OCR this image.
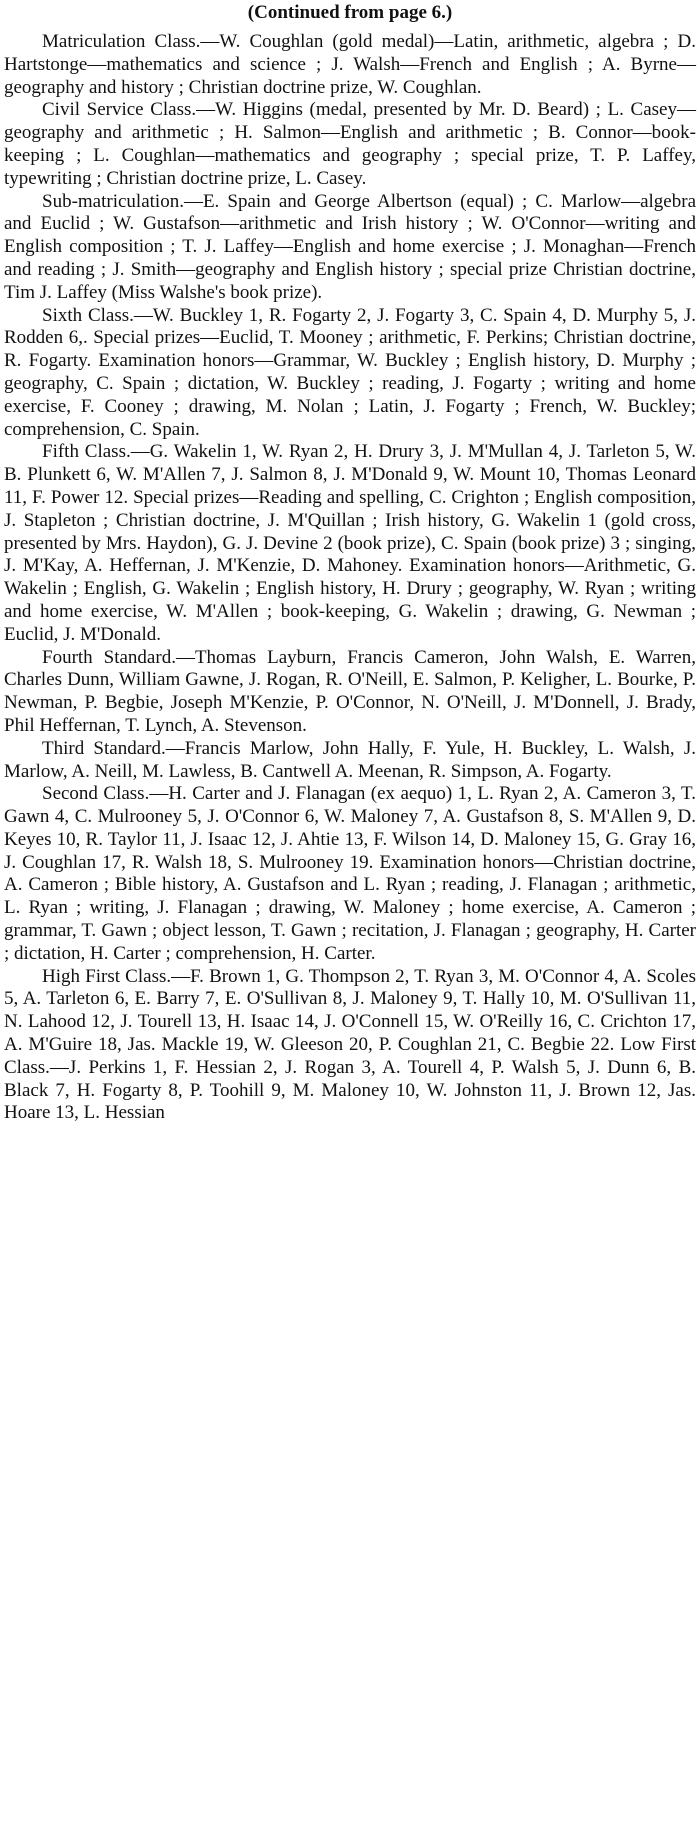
(Continued from page 6.)

Matriculation Class.—W. Coughlan (gold medal)—Latin, arithmetic, algebra ; D. Hartstonge—mathematics and science ; J. Walsh—French and English ; A. Byrne—geography and history ; Christian doctrine prize, W. Coughlan.

Civil Service Class.—W. Higgins (medal, presented by Mr. D. Beard) ; L. Casey—geography and arithmetic ; H. Salmon—English and arithmetic ; B. Connor—book-keeping ; L. Coughlan—mathematics and geography ; special prize, T. P. Laffey, typewriting ; Christian doctrine prize, L. Casey.

Sub-matriculation.—E. Spain and George Albertson (equal) ; C. Marlow—algebra and Euclid ; W. Gustafson—arithmetic and Irish history ; W. O'Connor—writing and English composition ; T. J. Laffey—English and home exercise ; J. Monaghan—French and reading ; J. Smith—geography and English history ; special prize Christian doctrine, Tim J. Laffey (Miss Walshe's book prize).

Sixth Class.—W. Buckley 1, R. Fogarty 2, J. Fogarty 3, C. Spain 4, D. Murphy 5, J. Rodden 6,. Special prizes—Euclid, T. Mooney ; arithmetic, F. Perkins; Christian doctrine, R. Fogarty. Examination honors—Grammar, W. Buckley ; English history, D. Murphy ; geography, C. Spain ; dictation, W. Buckley ; reading, J. Fogarty ; writing and home exercise, F. Cooney ; drawing, M. Nolan ; Latin, J. Fogarty ; French, W. Buckley; comprehension, C. Spain.

Fifth Class.—G. Wakelin 1, W. Ryan 2, H. Drury 3, J. M'Mullan 4, J. Tarleton 5, W. B. Plunkett 6, W. M'Allen 7, J. Salmon 8, J. M'Donald 9, W. Mount 10, Thomas Leonard 11, F. Power 12. Special prizes—Reading and spelling, C. Crighton ; English composition, J. Stapleton ; Christian doctrine, J. M'Quillan ; Irish history, G. Wakelin 1 (gold cross, presented by Mrs. Haydon), G. J. Devine 2 (book prize), C. Spain (book prize) 3 ; singing, J. M'Kay, A. Heffernan, J. M'Kenzie, D. Mahoney. Examination honors—Arithmetic, G. Wakelin ; English, G. Wakelin ; English history, H. Drury ; geography, W. Ryan ; writing and home exercise, W. M'Allen ; book-keeping, G. Wakelin ; drawing, G. Newman ; Euclid, J. M'Donald.

Fourth Standard.—Thomas Layburn, Francis Cameron, John Walsh, E. Warren, Charles Dunn, William Gawne, J. Rogan, R. O'Neill, E. Salmon, P. Keligher, L. Bourke, P. Newman, P. Begbie, Joseph M'Kenzie, P. O'Connor, N. O'Neill, J. M'Donnell, J. Brady, Phil Heffernan, T. Lynch, A. Stevenson.

Third Standard.—Francis Marlow, John Hally, F. Yule, H. Buckley, L. Walsh, J. Marlow, A. Neill, M. Lawless, B. Cantwell A. Meenan, R. Simpson, A. Fogarty.

Second Class.—H. Carter and J. Flanagan (ex aequo) 1, L. Ryan 2, A. Cameron 3, T. Gawn 4, C. Mulrooney 5, J. O'Connor 6, W. Maloney 7, A. Gustafson 8, S. M'Allen 9, D. Keyes 10, R. Taylor 11, J. Isaac 12, J. Ahtie 13, F. Wilson 14, D. Maloney 15, G. Gray 16, J. Coughlan 17, R. Walsh 18, S. Mulrooney 19. Examination honors—Christian doctrine, A. Cameron ; Bible history, A. Gustafson and L. Ryan ; reading, J. Flanagan ; arithmetic, L. Ryan ; writing, J. Flanagan ; drawing, W. Maloney ; home exercise, A. Cameron ; grammar, T. Gawn ; object lesson, T. Gawn ; recitation, J. Flanagan ; geography, H. Carter ; dictation, H. Carter ; comprehension, H. Carter.

High First Class.—F. Brown 1, G. Thompson 2, T. Ryan 3, M. O'Connor 4, A. Scoles 5, A. Tarleton 6, E. Barry 7, E. O'Sullivan 8, J. Maloney 9, T. Hally 10, M. O'Sullivan 11, N. Lahood 12, J. Tourell 13, H. Isaac 14, J. O'Connell 15, W. O'Reilly 16, C. Crichton 17, A. M'Guire 18, Jas. Mackle 19, W. Gleeson 20, P. Coughlan 21, C. Begbie 22. Low First Class.—J. Perkins 1, F. Hessian 2, J. Rogan 3, A. Tourell 4, P. Walsh 5, J. Dunn 6, B. Black 7, H. Fogarty 8, P. Toohill 9, M. Maloney 10, W. Johnston 11, J. Brown 12, Jas. Hoare 13, L. Hessian
